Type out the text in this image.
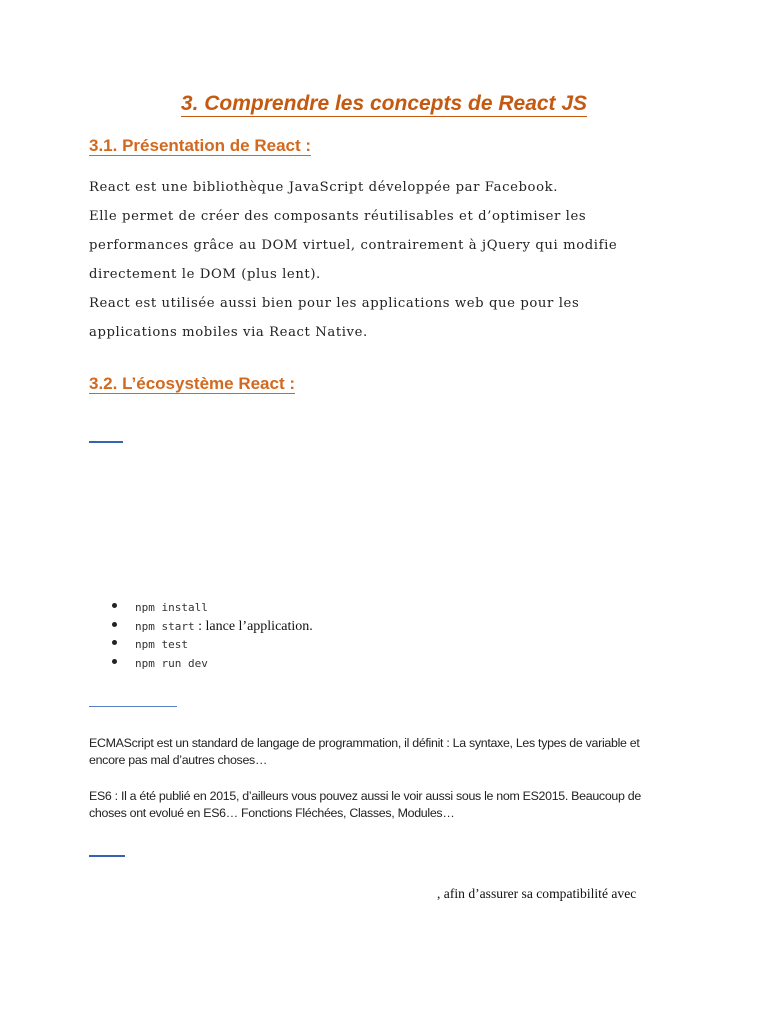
3. Comprendre les concepts de React JS
3.1. Présentation de React :

React est une bibliothèque JavaScript développée par Facebook.

Elle permet de créer des composants réutilisables et d’optimiser les

performances grâce au DOM virtuel, contrairement à jQuery qui modifie

directement le DOM (plus lent).

React est utilisée aussi bien pour les applications web que pour les

applications mobiles via React Native.

3.2. L’écosystème React :
npm install
npm start : lance l’application.
npm test
npm run dev

ECMAScript est un standard de langage de programmation, il définit : La syntaxe, Les types de variable et

encore pas mal d’autres choses…

ES6 : Il a été publié en 2015, d’ailleurs vous pouvez aussi le voir aussi sous le nom ES2015. Beaucoup de

choses ont evolué en ES6… Fonctions Fléchées, Classes, Modules…

, afin d’assurer sa compatibilité avec
